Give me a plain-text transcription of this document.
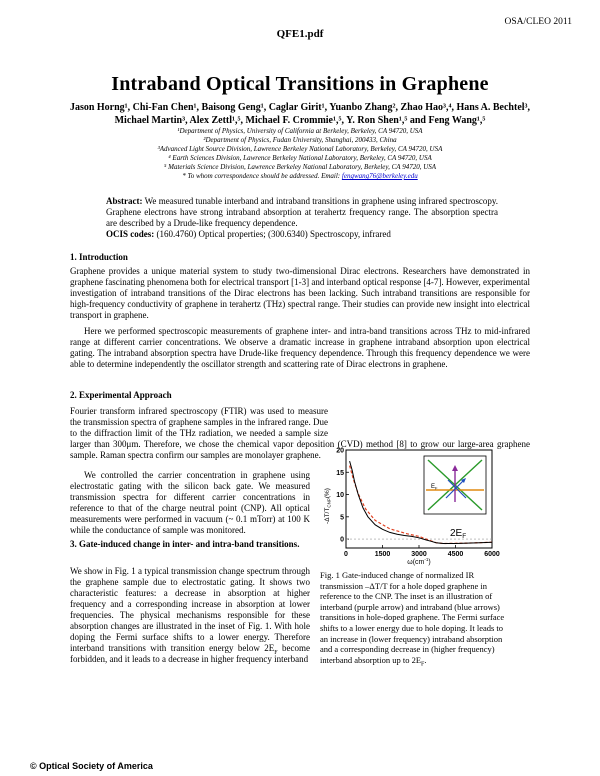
OSA/CLEO 2011
QFE1.pdf
Intraband Optical Transitions in Graphene
Jason Horng¹, Chi-Fan Chen¹, Baisong Geng¹, Caglar Girit¹, Yuanbo Zhang², Zhao Hao³,⁴, Hans A. Bechtel³,
Michael Martin³, Alex Zettl¹,⁵, Michael F. Crommie¹,⁵, Y. Ron Shen¹,⁵ and Feng Wang¹,⁵
¹Department of Physics, University of California at Berkeley, Berkeley, CA 94720, USA
²Department of Physics, Fudan University, Shanghai, 200433, China
³Advanced Light Source Division, Lawrence Berkeley National Laboratory, Berkeley, CA 94720, USA
⁴ Earth Sciences Division, Lawrence Berkeley National Laboratory, Berkeley, CA 94720, USA
⁵ Materials Science Division, Lawrence Berkeley National Laboratory, Berkeley, CA 94720, USA
* To whom correspondence should be addressed. Email: fengwang76@berkeley.edu
Abstract: We measured tunable interband and intraband transitions in graphene using infrared spectroscopy. Graphene electrons have strong intraband absorption at terahertz frequency range. The absorption spectra are described by a Drude-like frequency dependence.
OCIS codes: (160.4760) Optical properties; (300.6340) Spectroscopy, infrared
1. Introduction
Graphene provides a unique material system to study two-dimensional Dirac electrons. Researchers have demonstrated in graphene fascinating phenomena both for electrical transport [1-3] and interband optical response [4-7]. However, experimental investigation of intraband transitions of the Dirac electrons has been lacking. Such intraband transitions are responsible for high-frequency conductivity of graphene in terahertz (THz) spectral range. Their studies can provide new insight into electrical transport in graphene.
Here we performed spectroscopic measurements of graphene inter- and intra-band transitions across THz to mid-infrared range at different carrier concentrations. We observe a dramatic increase in graphene intraband absorption upon electrical gating. The intraband absorption spectra have Drude-like frequency dependence. Through this frequency dependence we were able to determine independently the oscillator strength and scattering rate of Dirac electrons in graphene.
2. Experimental Approach
Fourier transform infrared spectroscopy (FTIR) was used to measure the transmission spectra of graphene samples in the infrared range. Due to the diffraction limit of the THz radiation, we needed a sample size larger than 300μm. Therefore, we chose the chemical vapor deposition (CVD) method [8] to grow our large-area graphene sample. Raman spectra confirm our samples are monolayer graphene.
We controlled the carrier concentration in graphene using electrostatic gating with the silicon back gate. We measured transmission spectra for different carrier concentrations in reference to that of the charge neutral point (CNP). All optical measurements were performed in vacuum (~ 0.1 mTorr) at 100 K while the conductance of sample was monitored.
3. Gate-induced change in inter- and intra-band transitions.
We show in Fig. 1 a typical transmission change spectrum through the graphene sample due to electrostatic gating. It shows two characteristic features: a decrease in absorption at higher frequency and a corresponding increase in absorption at lower frequencies. The physical mechanisms responsible for these absorption changes are illustrated in the inset of Fig. 1. With hole doping the Fermi surface shifts to a lower energy. Therefore interband transitions with transition energy below $2E_F$ become forbidden, and it leads to a decrease in higher frequency interband
0
5
10
15
20
0	1500	3000	4500	6000
$E_F$
$2E_F$
$-\Delta T/T_{CNP}(\%)$
$\omega(cm^{-1})$
Fig. 1 Gate-induced change of normalized IR transmission –ΔT/T for a hole doped graphene in reference to the CNP. The inset is an illustration of interband (purple arrow) and intraband (blue arrows) transitions in hole-doped graphene. The Fermi surface shifts to a lower energy due to hole doping. It leads to an increase in (lower frequency) intraband absorption and a corresponding decrease in (higher frequency) interband absorption up to $2E_F$.
© Optical Society of America
